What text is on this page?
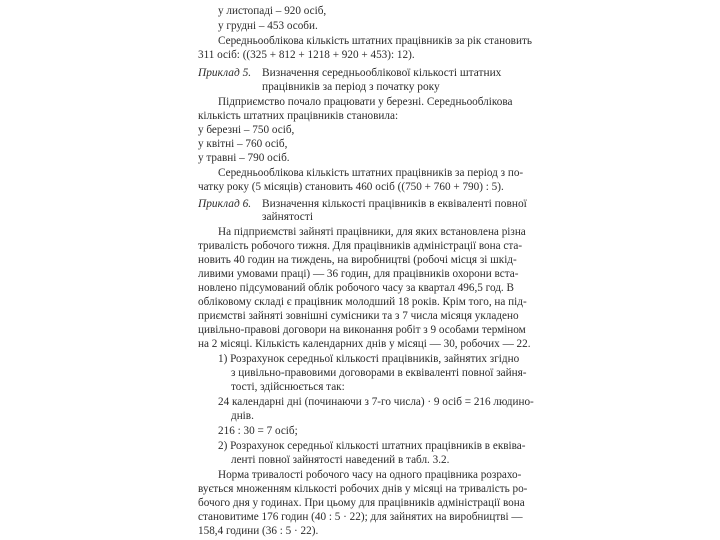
у листопаді – 920 осіб,
у грудні – 453 особи.
Середньооблікова кількість штатних працівників за рік становить
311 осіб: ((325 + 812 + 1218 + 920 + 453): 12).
Приклад 5. Визначення середньооблікової кількості штатних
працівників за період з початку року
Підприємство почало працювати у березні. Середньооблікова
кількість штатних працівників становила:
у березні – 750 осіб,
у квітні – 760 осіб,
у травні – 790 осіб.
Середньооблікова кількість штатних працівників за період з по-
чатку року (5 місяців) становить 460 осіб ((750 + 760 + 790) : 5).
Приклад 6. Визначення кількості працівників в еквіваленті повної
зайнятості
На підприємстві зайняті працівники, для яких встановлена різна
тривалість робочого тижня. Для працівників адміністрації вона ста-
новить 40 годин на тиждень, на виробництві (робочі місця зі шкід-
ливими умовами праці) — 36 годин, для працівників охорони вста-
новлено підсумований облік робочого часу за квартал 496,5 год. В
обліковому складі є працівник молодший 18 років. Крім того, на під-
приємстві зайняті зовнішні сумісники та з 7 числа місяця укладено
цивільно-правові договори на виконання робіт з 9 особами терміном
на 2 місяці. Кількість календарних днів у місяці — 30, робочих — 22.
1) Розрахунок середньої кількості працівників, зайнятих згідно
з цивільно-правовими договорами в еквіваленті повної зайня-
тості, здійснюється так:
24 календарні дні (починаючи з 7-го числа) · 9 осіб = 216 людино-
днів.
216 : 30 = 7 осіб;
2) Розрахунок середньої кількості штатних працівників в еквіва-
ленті повної зайнятості наведений в табл. 3.2.
Норма тривалості робочого часу на одного працівника розрахо-
вується множенням кількості робочих днів у місяці на тривалість ро-
бочого дня у годинах. При цьому для працівників адміністрації вона
становитиме 176 годин (40 : 5 · 22); для зайнятих на виробництві —
158,4 години (36 : 5 · 22).
